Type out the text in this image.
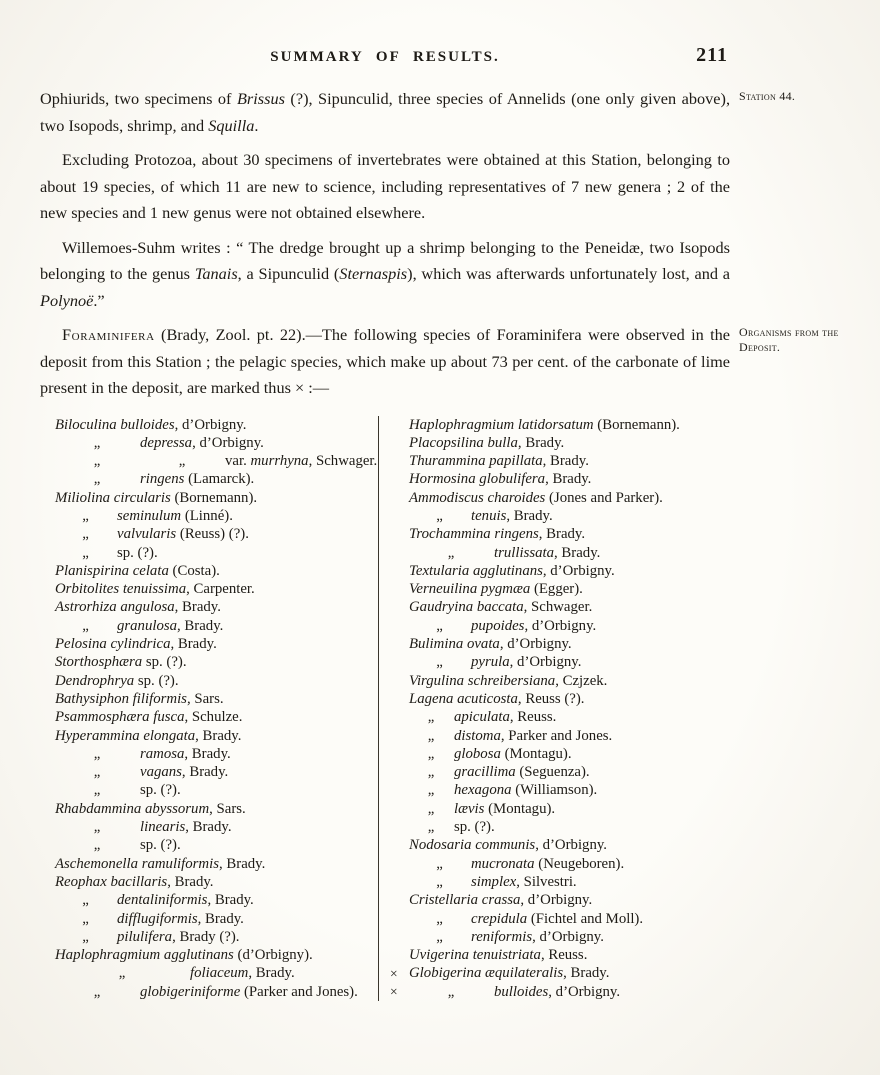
SUMMARY OF RESULTS.	211

Ophiurids, two specimens of Brissus (?), Sipunculid, three species of Annelids (one only given above), two Isopods, shrimp, and Squilla.
Station 44.

Excluding Protozoa, about 30 specimens of invertebrates were obtained at this Station, belonging to about 19 species, of which 11 are new to science, including representatives of 7 new genera ; 2 of the new species and 1 new genus were not obtained elsewhere.

Willemoes-Suhm writes : “ The dredge brought up a shrimp belonging to the Peneidæ, two Isopods belonging to the genus Tanais, a Sipunculid (Sternaspis), which was afterwards unfortunately lost, and a Polynoë.”

Foraminifera (Brady, Zool. pt. 22).—The following species of Foraminifera were observed in the deposit from this Station ; the pelagic species, which make up about 73 per cent. of the carbonate of lime present in the deposit, are marked thus × :—
Organisms from the Deposit.

Biloculina bulloides, d’Orbigny.
„	depressa, d’Orbigny.
„	„	var. murrhyna, Schwager.
„	ringens (Lamarck).
Miliolina circularis (Bornemann).
„ seminulum (Linné).
„ valvularis (Reuss) (?).
„ sp. (?).
Planispirina celata (Costa).
Orbitolites tenuissima, Carpenter.
Astrorhiza angulosa, Brady.
„ granulosa, Brady.
Pelosina cylindrica, Brady.
Storthosphæra sp. (?).
Dendrophrya sp. (?).
Bathysiphon filiformis, Sars.
Psammosphæra fusca, Schulze.
Hyperammina elongata, Brady.
„	ramosa, Brady.
„	vagans, Brady.
„	sp. (?).
Rhabdammina abyssorum, Sars.
„	linearis, Brady.
„	sp. (?).
Aschemonella ramuliformis, Brady.
Reophax bacillaris, Brady.
„ dentaliniformis, Brady.
„ difflugiformis, Brady.
„ pilulifera, Brady (?).
Haplophragmium agglutinans (d’Orbigny).
„	foliaceum, Brady.
„	globigeriniforme (Parker and Jones).
Haplophragmium latidorsatum (Bornemann).
Placopsilina bulla, Brady.
Thurammina papillata, Brady.
Hormosina globulifera, Brady.
Ammodiscus charoides (Jones and Parker).
„ tenuis, Brady.
Trochammina ringens, Brady.
„	trullissata, Brady.
Textularia agglutinans, d’Orbigny.
Verneuilina pygmæa (Egger).
Gaudryina baccata, Schwager.
„ pupoides, d’Orbigny.
Bulimina ovata, d’Orbigny.
„ pyrula, d’Orbigny.
Virgulina schreibersiana, Czjzek.
Lagena acuticosta, Reuss (?).
„ apiculata, Reuss.
„ distoma, Parker and Jones.
„ globosa (Montagu).
„ gracillima (Seguenza).
„ hexagona (Williamson).
„ lævis (Montagu).
„ sp. (?).
Nodosaria communis, d’Orbigny.
„ mucronata (Neugeboren).
„ simplex, Silvestri.
Cristellaria crassa, d’Orbigny.
„ crepidula (Fichtel and Moll).
„ reniformis, d’Orbigny.
Uvigerina tenuistriata, Reuss.
× Globigerina æquilateralis, Brady.
×	„	bulloides, d’Orbigny.
